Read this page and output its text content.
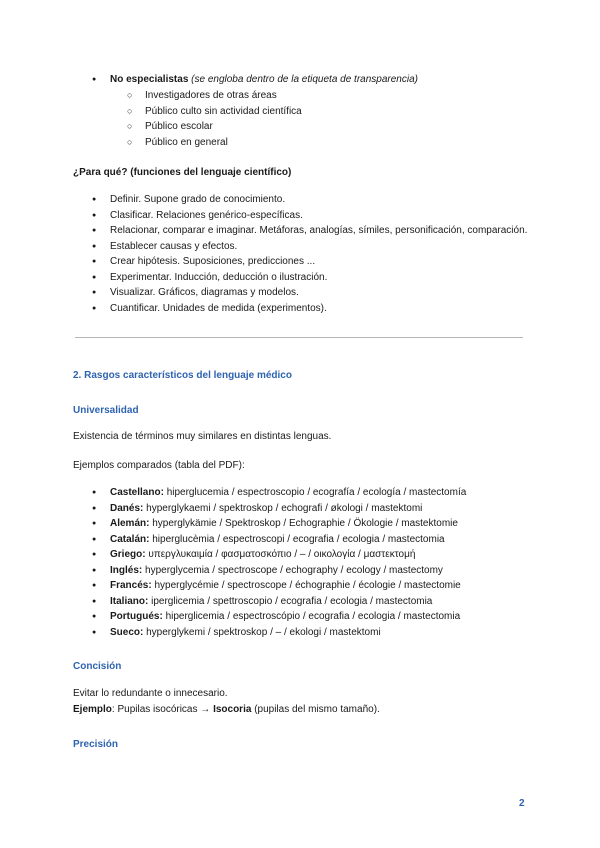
● No especialistas (se engloba dentro de la etiqueta de transparencia)
○ Investigadores de otras áreas
○ Público culto sin actividad científica
○ Público escolar
○ Público en general
¿Para qué? (funciones del lenguaje científico)
● Definir. Supone grado de conocimiento.
● Clasificar. Relaciones genérico-específicas.
● Relacionar, comparar e imaginar. Metáforas, analogías, símiles, personificación, comparación.
● Establecer causas y efectos.
● Crear hipótesis. Suposiciones, predicciones ...
● Experimentar. Inducción, deducción o ilustración.
● Visualizar. Gráficos, diagramas y modelos.
● Cuantificar. Unidades de medida (experimentos).
2. Rasgos característicos del lenguaje médico
Universalidad
Existencia de términos muy similares en distintas lenguas.
Ejemplos comparados (tabla del PDF):
● Castellano: hiperglucemia / espectroscopio / ecografía / ecología / mastectomía
● Danés: hyperglykaemi / spektroskop / echografi / økologi / mastektomi
● Alemán: hyperglykämie / Spektroskop / Echographie / Ökologie / mastektomie
● Catalán: hiperglucèmia / espectroscopi / ecografia / ecologia / mastectomia
● Griego: υπεργλυκαιμία / φασματοσκόπιο / – / οικολογία / μαστεκτομή
● Inglés: hyperglycemia / spectroscope / echography / ecology / mastectomy
● Francés: hyperglycémie / spectroscope / échographie / écologie / mastectomie
● Italiano: iperglicemia / spettroscopio / ecografia / ecologia / mastectomia
● Portugués: hiperglicemia / espectroscópio / ecografia / ecologia / mastectomia
● Sueco: hyperglykemi / spektroskop / – / ekologi / mastektomi
Concisión
Evitar lo redundante o innecesario.
Ejemplo: Pupilas isocóricas → Isocoria (pupilas del mismo tamaño).
Precisión
2
